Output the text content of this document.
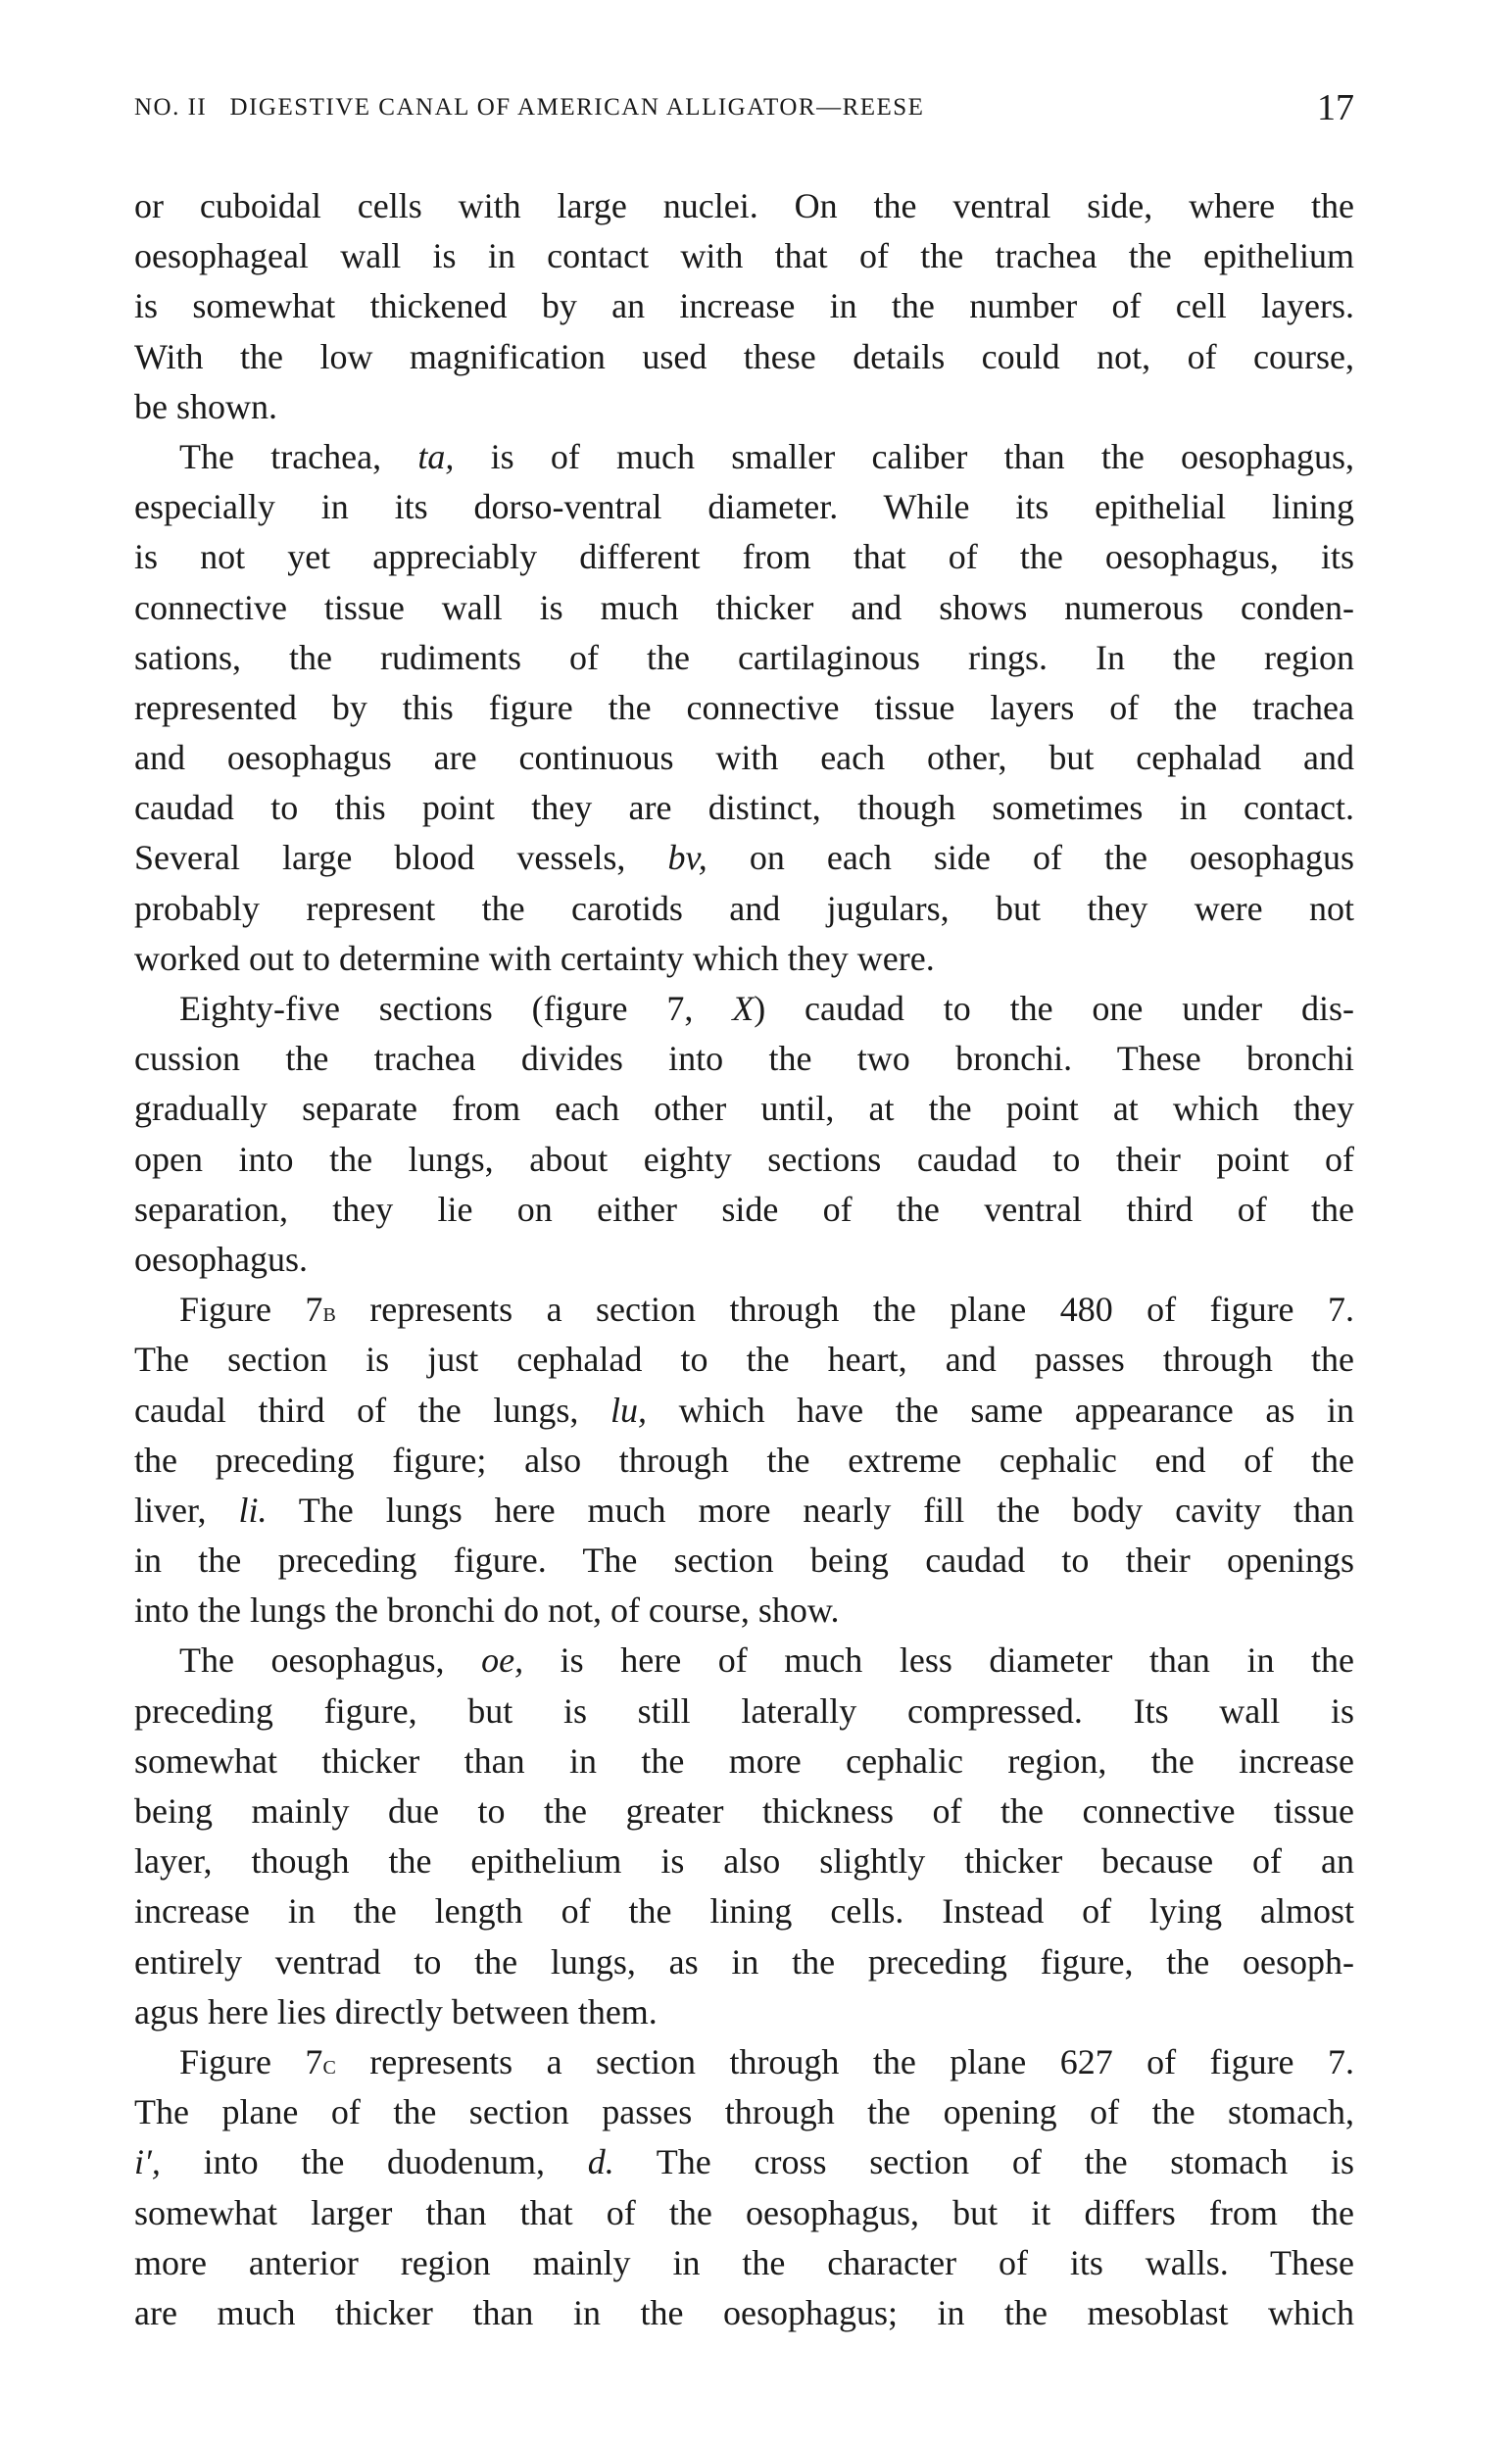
NO. II   DIGESTIVE CANAL OF AMERICAN ALLIGATOR—REESE	17
or cuboidal cells with large nuclei. On the ventral side, where the
oesophageal wall is in contact with that of the trachea the epithelium
is somewhat thickened by an increase in the number of cell layers.
With the low magnification used these details could not, of course,
be shown.
The trachea, ta, is of much smaller caliber than the oesophagus,
especially in its dorso-ventral diameter. While its epithelial lining
is not yet appreciably different from that of the oesophagus, its
connective tissue wall is much thicker and shows numerous conden-
sations, the rudiments of the cartilaginous rings. In the region
represented by this figure the connective tissue layers of the trachea
and oesophagus are continuous with each other, but cephalad and
caudad to this point they are distinct, though sometimes in contact.
Several large blood vessels, bv, on each side of the oesophagus
probably represent the carotids and jugulars, but they were not
worked out to determine with certainty which they were.
Eighty-five sections (figure 7, X) caudad to the one under dis-
cussion the trachea divides into the two bronchi. These bronchi
gradually separate from each other until, at the point at which they
open into the lungs, about eighty sections caudad to their point of
separation, they lie on either side of the ventral third of the
oesophagus.
Figure 7b represents a section through the plane 480 of figure 7.
The section is just cephalad to the heart, and passes through the
caudal third of the lungs, lu, which have the same appearance as in
the preceding figure; also through the extreme cephalic end of the
liver, li. The lungs here much more nearly fill the body cavity than
in the preceding figure. The section being caudad to their openings
into the lungs the bronchi do not, of course, show.
The oesophagus, oe, is here of much less diameter than in the
preceding figure, but is still laterally compressed. Its wall is
somewhat thicker than in the more cephalic region, the increase
being mainly due to the greater thickness of the connective tissue
layer, though the epithelium is also slightly thicker because of an
increase in the length of the lining cells. Instead of lying almost
entirely ventrad to the lungs, as in the preceding figure, the oesoph-
agus here lies directly between them.
Figure 7c represents a section through the plane 627 of figure 7.
The plane of the section passes through the opening of the stomach,
i′, into the duodenum, d. The cross section of the stomach is
somewhat larger than that of the oesophagus, but it differs from the
more anterior region mainly in the character of its walls. These
are much thicker than in the oesophagus; in the mesoblast which
